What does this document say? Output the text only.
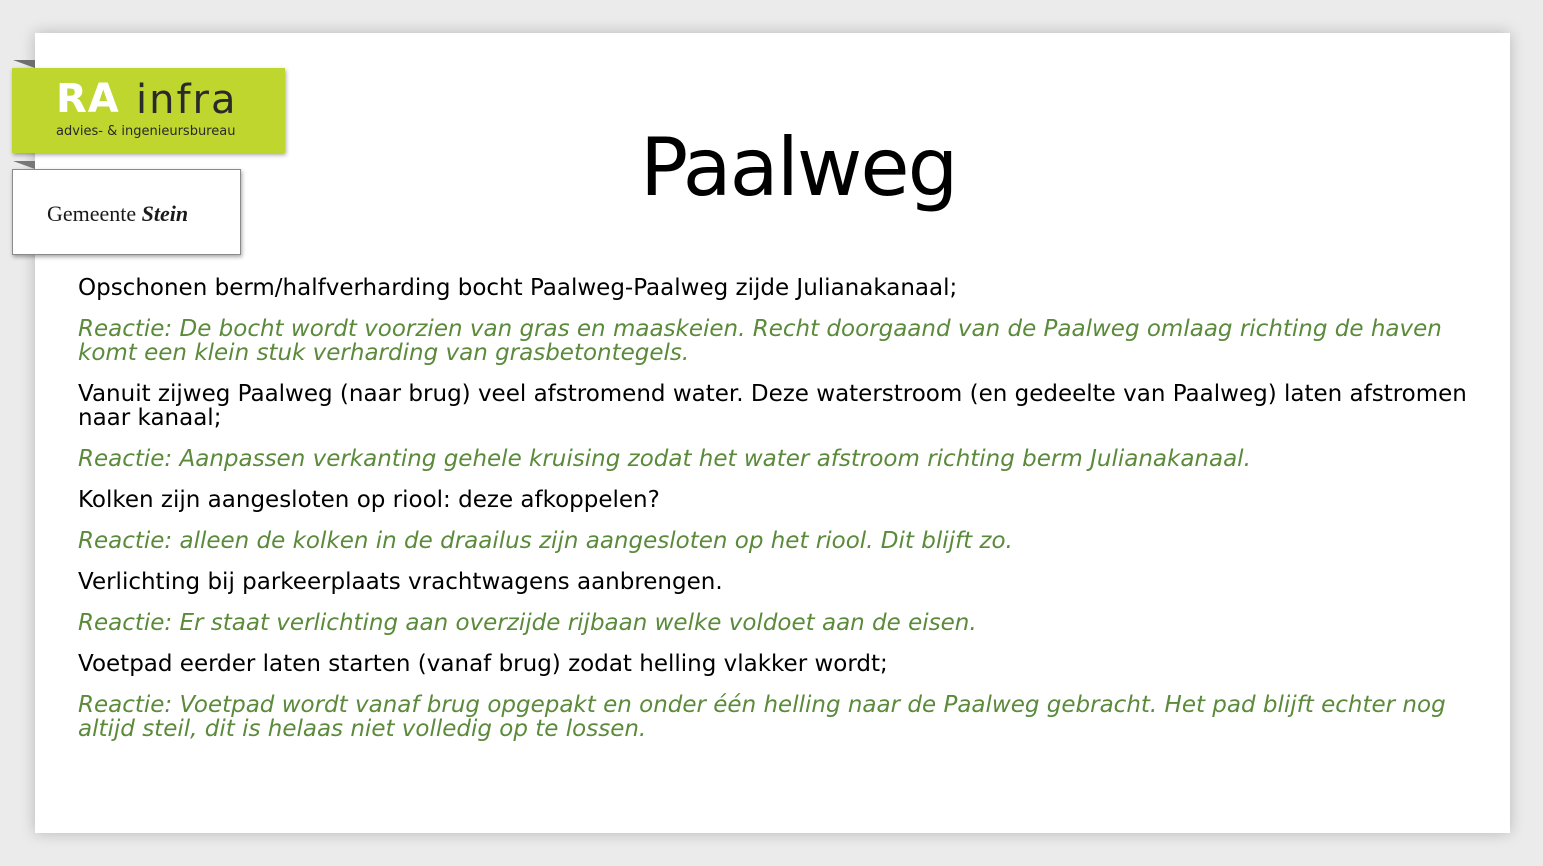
RA infra
advies- & ingenieursbureau
Gemeente Stein	Paalweg

Opschonen berm/halfverharding bocht Paalweg-Paalweg zijde Julianakanaal;

Reactie: De bocht wordt voorzien van gras en maaskeien. Recht doorgaand van de Paalweg omlaag richting de haven komt een klein stuk verharding van grasbetontegels.

Vanuit zijweg Paalweg (naar brug) veel afstromend water. Deze waterstroom (en gedeelte van Paalweg) laten afstromen naar kanaal;

Reactie: Aanpassen verkanting gehele kruising zodat het water afstroom richting berm Julianakanaal.

Kolken zijn aangesloten op riool: deze afkoppelen?

Reactie: alleen de kolken in de draailus zijn aangesloten op het riool. Dit blijft zo.

Verlichting bij parkeerplaats vrachtwagens aanbrengen.

Reactie: Er staat verlichting aan overzijde rijbaan welke voldoet aan de eisen.

Voetpad eerder laten starten (vanaf brug) zodat helling vlakker wordt;

Reactie: Voetpad wordt vanaf brug opgepakt en onder één helling naar de Paalweg gebracht. Het pad blijft echter nog altijd steil, dit is helaas niet volledig op te lossen.
